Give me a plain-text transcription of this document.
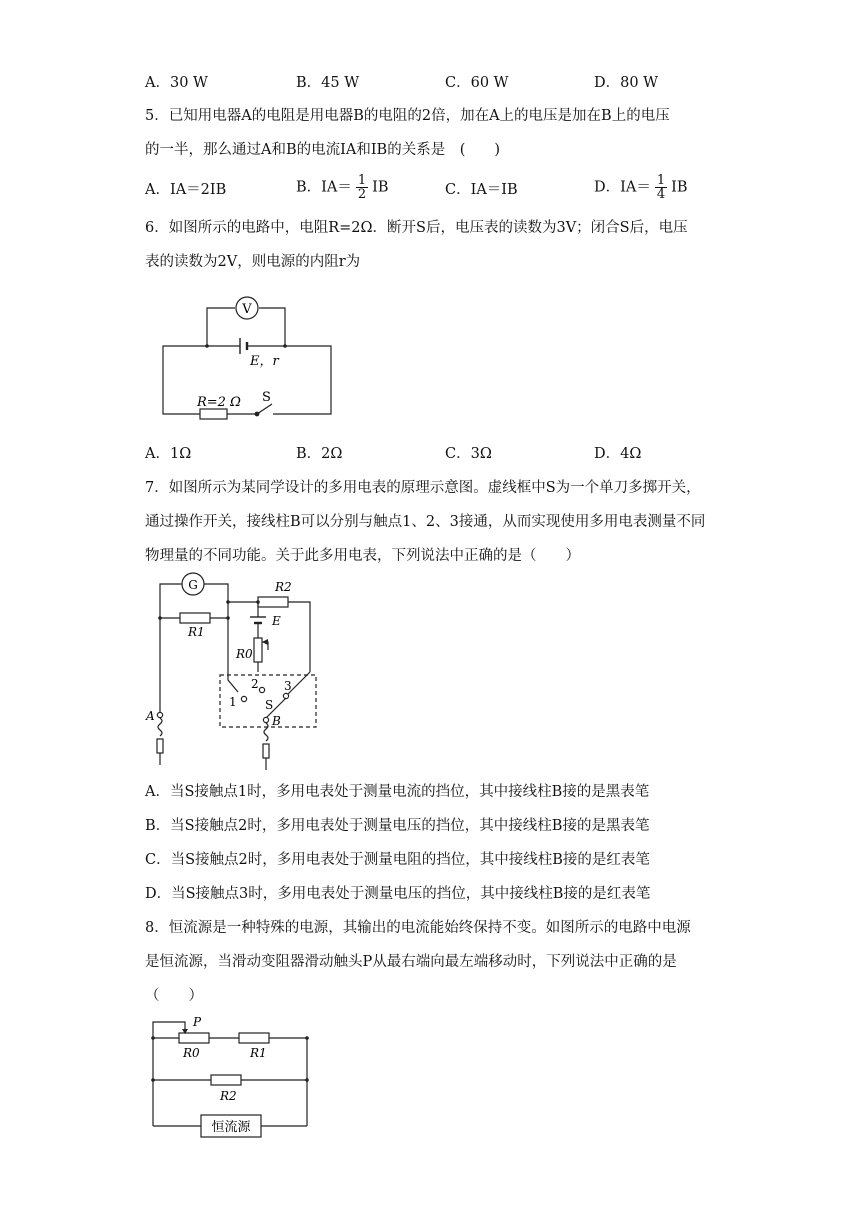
A．30 W	B．45 W	C．60 W	D．80 W
5．已知用电器A的电阻是用电器B的电阻的2倍，加在A上的电压是加在B上的电压
的一半，那么通过A和B的电流IA和IB的关系是　(　　)
A．IA＝2IB	B．$IA= \frac{1}{2}$ IB	C．IA＝IB	D．$IA= \frac{1}{4}$ IB
6．如图所示的电路中，电阻R=2Ω．断开S后，电压表的读数为3V；闭合S后，电压
表的读数为2V，则电源的内阻r为
V
E，r
R=2 Ω S
A．1Ω	B．2Ω	C．3Ω	D．4Ω
7．如图所示为某同学设计的多用电表的原理示意图。虚线框中S为一个单刀多掷开关，
通过操作开关，接线柱B可以分别与触点1、2、3接通，从而实现使用多用电表测量不同
物理量的不同功能。关于此多用电表，下列说法中正确的是（　　）
G
R1
R2
E
R0
1
2 3
S
A	B
A．当S接触点1时，多用电表处于测量电流的挡位，其中接线柱B接的是黑表笔
B．当S接触点2时，多用电表处于测量电压的挡位，其中接线柱B接的是黑表笔
C．当S接触点2时，多用电表处于测量电阻的挡位，其中接线柱B接的是红表笔
D．当S接触点3时，多用电表处于测量电压的挡位，其中接线柱B接的是红表笔
8．恒流源是一种特殊的电源，其输出的电流能始终保持不变。如图所示的电路中电源
是恒流源，当滑动变阻器滑动触头P从最右端向最左端移动时，下列说法中正确的是
（　　）
P
R0	R1
R2
恒流源
